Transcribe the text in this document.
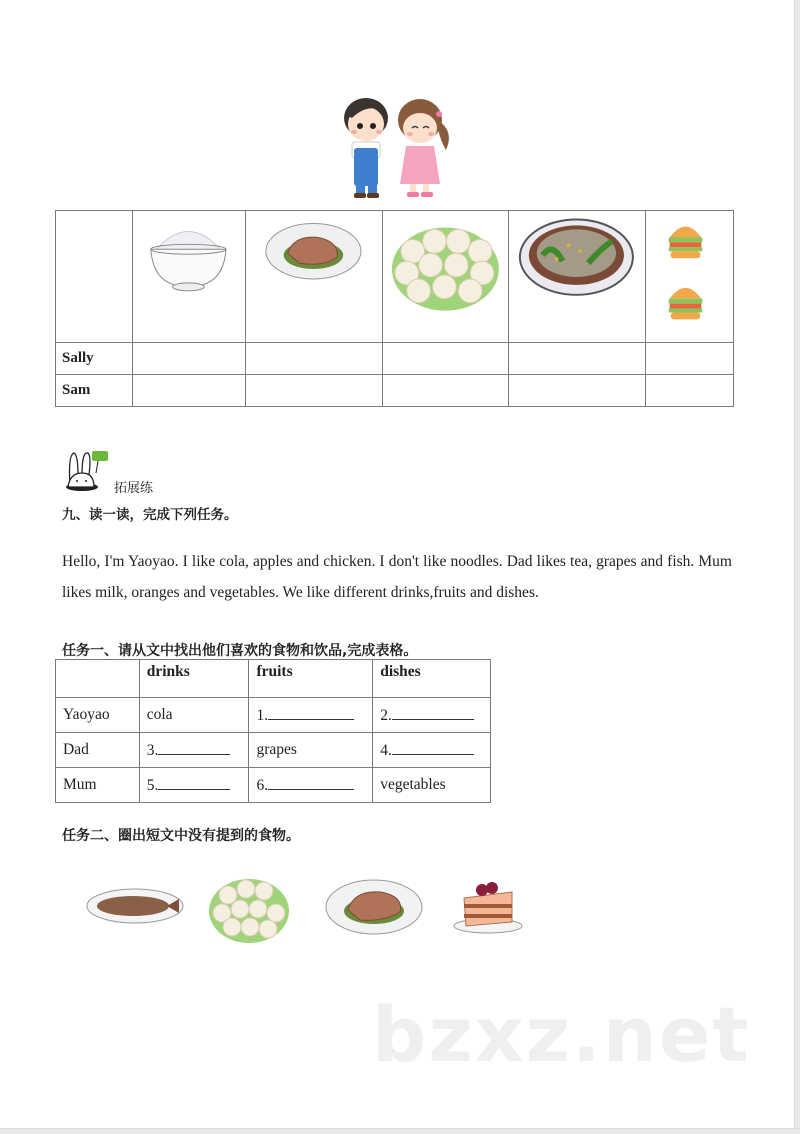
Sally					
Sam					
拓展练
九、读一读，完成下列任务。
Hello, I'm Yaoyao. I like cola, apples and chicken. I don't like noodles. Dad likes tea, grapes and fish. Mum likes milk, oranges and vegetables. We like different drinks,fruits and dishes.
任务一、请从文中找出他们喜欢的食物和饮品,完成表格。
	drinks	fruits	dishes
Yaoyao	cola	1.	2.
Dad	3.	grapes	4.
Mum	5.	6.	vegetables
任务二、圈出短文中没有提到的食物。
bzxz.net
